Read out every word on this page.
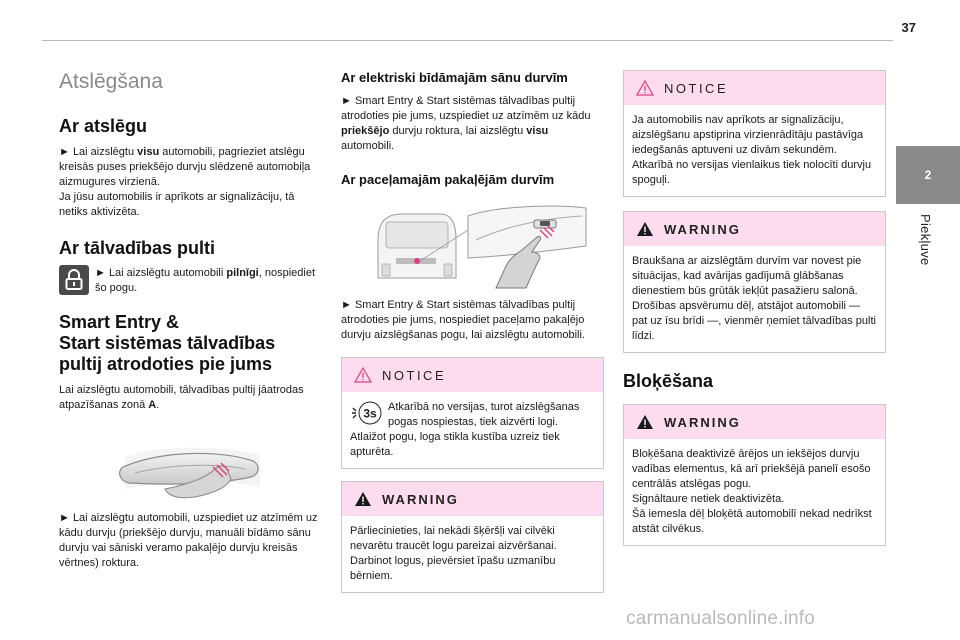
37
2
Piekļuve
Atslēgšana
Ar atslēgu

► Lai aizslēgtu visu automobili, pagrieziet atslēgu kreisās puses priekšējo durvju slēdzenē automobiļa aizmugures virzienā.

Ja jūsu automobilis ir aprīkots ar signalizāciju, tā netiks aktivizēta.

Ar tālvadības pulti

► Lai aizslēgtu automobili pilnīgi, nospiediet šo pogu.

Smart Entry &
Start sistēmas tālvadības
pultij atrodoties pie jums

Lai aizslēgtu automobili, tālvadības pultij jāatrodas atpazīšanas zonā A.

► Lai aizslēgtu automobili, uzspiediet uz atzīmēm uz kādu durvju (priekšējo durvju, manuāli bīdāmo sānu durvju vai sāniski veramo pakaļējo durvju kreisās vērtnes) roktura.

Ar elektriski bīdāmajām sānu durvīm

► Smart Entry & Start sistēmas tālvadības pultij atrodoties pie jums, uzspiediet uz atzīmēm uz kādu priekšējo durvju roktura, lai aizslēgtu visu automobili.

Ar paceļamajām pakaļējām durvīm

► Smart Entry & Start sistēmas tālvadības pultij atrodoties pie jums, nospiediet paceļamo pakaļējo durvju aizslēgšanas pogu, lai aizslēgtu automobili.

NOTICE
3s Atkarībā no versijas, turot aizslēgšanas pogas nospiestas, tiek aizvērti logi.

Atlaižot pogu, loga stikla kustība uzreiz tiek apturēta.

WARNING

Pārliecinieties, lai nekādi šķēršļi vai cilvēki nevarētu traucēt logu pareizai aizvēršanai.

Darbinot logus, pievērsiet īpašu uzmanību bērniem.

NOTICE

Ja automobilis nav aprīkots ar signalizāciju, aizslēgšanu apstiprina virzienrādītāju pastāvīga iedegšanās aptuveni uz divām sekundēm.

Atkarībā no versijas vienlaikus tiek nolocīti durvju spoguļi.

WARNING

Braukšana ar aizslēgtām durvīm var novest pie situācijas, kad avārijas gadījumā glābšanas dienestiem būs grūtāk iekļūt pasažieru salonā.

Drošības apsvērumu dēļ, atstājot automobili — pat uz īsu brīdi —, vienmēr ņemiet tālvadības pulti līdzi.

Bloķēšana
WARNING

Bloķēšana deaktivizē ārējos un iekšējos durvju vadības elementus, kā arī priekšējā panelī esošo centrālās atslēgas pogu.

Signāltaure netiek deaktivizēta.

Šā iemesla dēļ bloķētā automobilī nekad nedrīkst atstāt cilvēkus.

carmanualsonline.info
